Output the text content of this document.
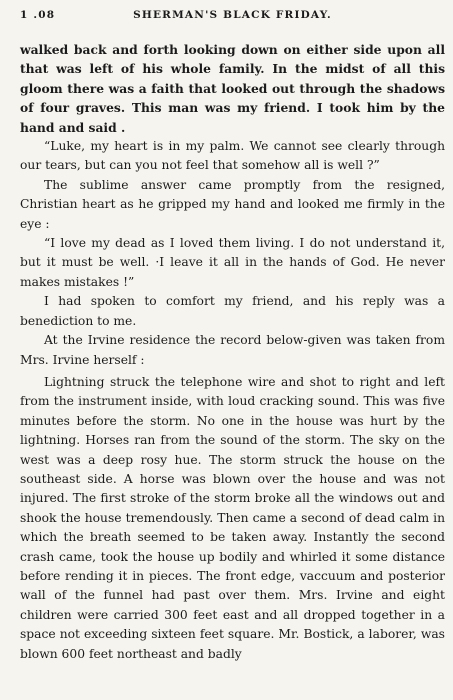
1 .08	SHERMAN'S BLACK FRIDAY.

walked back and forth looking down on either side upon all that was left of his whole family. In the midst of all this gloom there was a faith that looked out through the shadows of four graves. This man was my friend. I took him by the hand and said .

“Luke, my heart is in my palm. We cannot see clearly through our tears, but can you not feel that somehow all is well ?”

The sublime answer came promptly from the resigned, Christian heart as he gripped my hand and looked me firmly in the eye :

“I love my dead as I loved them living. I do not understand it, but it must be well. ·I leave it all in the hands of God. He never makes mistakes !”

I had spoken to comfort my friend, and his reply was a benediction to me.

At the Irvine residence the record below-given was taken from Mrs. Irvine herself :

Lightning struck the telephone wire and shot to right and left from the instrument inside, with loud cracking sound. This was five minutes before the storm. No one in the house was hurt by the lightning. Horses ran from the sound of the storm. The sky on the west was a deep rosy hue. The storm struck the house on the southeast side. A horse was blown over the house and was not injured. The first stroke of the storm broke all the windows out and shook the house tremendously. Then came a second of dead calm in which the breath seemed to be taken away. Instantly the second crash came, took the house up bodily and whirled it some distance before rending it in pieces. The front edge, vaccuum and posterior wall of the funnel had past over them. Mrs. Irvine and eight children were carried 300 feet east and all dropped together in a space not exceeding sixteen feet square. Mr. Bostick, a laborer, was blown 600 feet northeast and badly
